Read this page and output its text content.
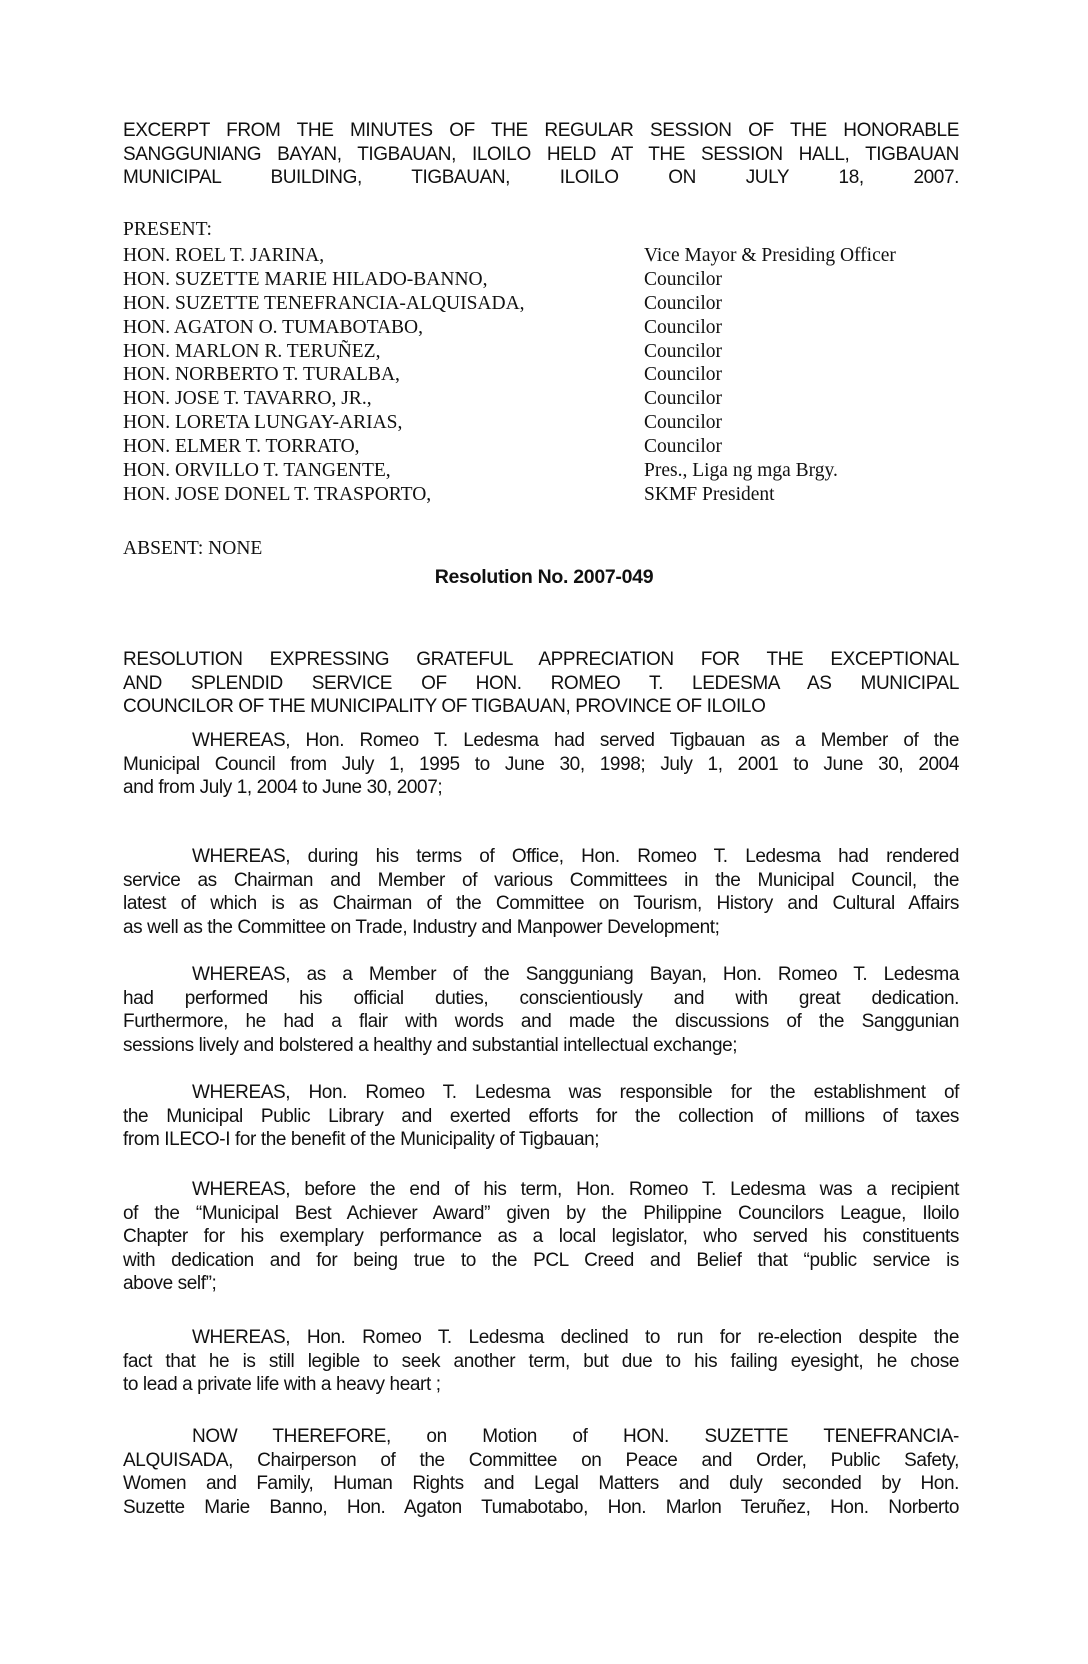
EXCERPT FROM THE MINUTES OF THE REGULAR SESSION OF THE HONORABLE
SANGGUNIANG BAYAN, TIGBAUAN, ILOILO HELD AT THE SESSION HALL, TIGBAUAN
MUNICIPAL BUILDING, TIGBAUAN, ILOILO ON JULY 18, 2007.
PRESENT:
HON. ROEL T. JARINA,	Vice Mayor & Presiding Officer
HON. SUZETTE MARIE HILADO-BANNO,	Councilor
HON. SUZETTE TENEFRANCIA-ALQUISADA,	Councilor
HON. AGATON O. TUMABOTABO,	Councilor
HON. MARLON R. TERUÑEZ,	Councilor
HON. NORBERTO T. TURALBA,	Councilor
HON. JOSE T. TAVARRO, JR.,	Councilor
HON. LORETA LUNGAY-ARIAS,	Councilor
HON. ELMER T. TORRATO,	Councilor
HON. ORVILLO T. TANGENTE,	Pres., Liga ng mga Brgy.
HON. JOSE DONEL T. TRASPORTO,	SKMF President
ABSENT: NONE
Resolution No. 2007-049
RESOLUTION EXPRESSING GRATEFUL APPRECIATION FOR THE EXCEPTIONAL
AND SPLENDID SERVICE OF HON. ROMEO T. LEDESMA AS MUNICIPAL
COUNCILOR OF THE MUNICIPALITY OF TIGBAUAN, PROVINCE OF ILOILO
WHEREAS, Hon. Romeo T. Ledesma had served Tigbauan as a Member of the
Municipal Council from July 1, 1995 to June 30, 1998; July 1, 2001 to June 30, 2004
and from July 1, 2004 to June 30, 2007;
WHEREAS, during his terms of Office, Hon. Romeo T. Ledesma had rendered
service as Chairman and Member of various Committees in the Municipal Council, the
latest of which is as Chairman of the Committee on Tourism, History and Cultural Affairs
as well as the Committee on Trade, Industry and Manpower Development;
WHEREAS, as a Member of the Sangguniang Bayan, Hon. Romeo T. Ledesma
had performed his official duties, conscientiously and with great dedication.
Furthermore, he had a flair with words and made the discussions of the Sanggunian
sessions lively and bolstered a healthy and substantial intellectual exchange;
WHEREAS, Hon. Romeo T. Ledesma was responsible for the establishment of
the Municipal Public Library and exerted efforts for the collection of millions of taxes
from ILECO-I for the benefit of the Municipality of Tigbauan;
WHEREAS, before the end of his term, Hon. Romeo T. Ledesma was a recipient
of the “Municipal Best Achiever Award” given by the Philippine Councilors League, Iloilo
Chapter for his exemplary performance as a local legislator, who served his constituents
with dedication and for being true to the PCL Creed and Belief that “public service is
above self”;
WHEREAS, Hon. Romeo T. Ledesma declined to run for re-election despite the
fact that he is still legible to seek another term, but due to his failing eyesight, he chose
to lead a private life with a heavy heart ;
NOW THEREFORE, on Motion of HON. SUZETTE TENEFRANCIA-
ALQUISADA, Chairperson of the Committee on Peace and Order, Public Safety,
Women and Family, Human Rights and Legal Matters and duly seconded by Hon.
Suzette Marie Banno, Hon. Agaton Tumabotabo, Hon. Marlon Teruñez, Hon. Norberto
